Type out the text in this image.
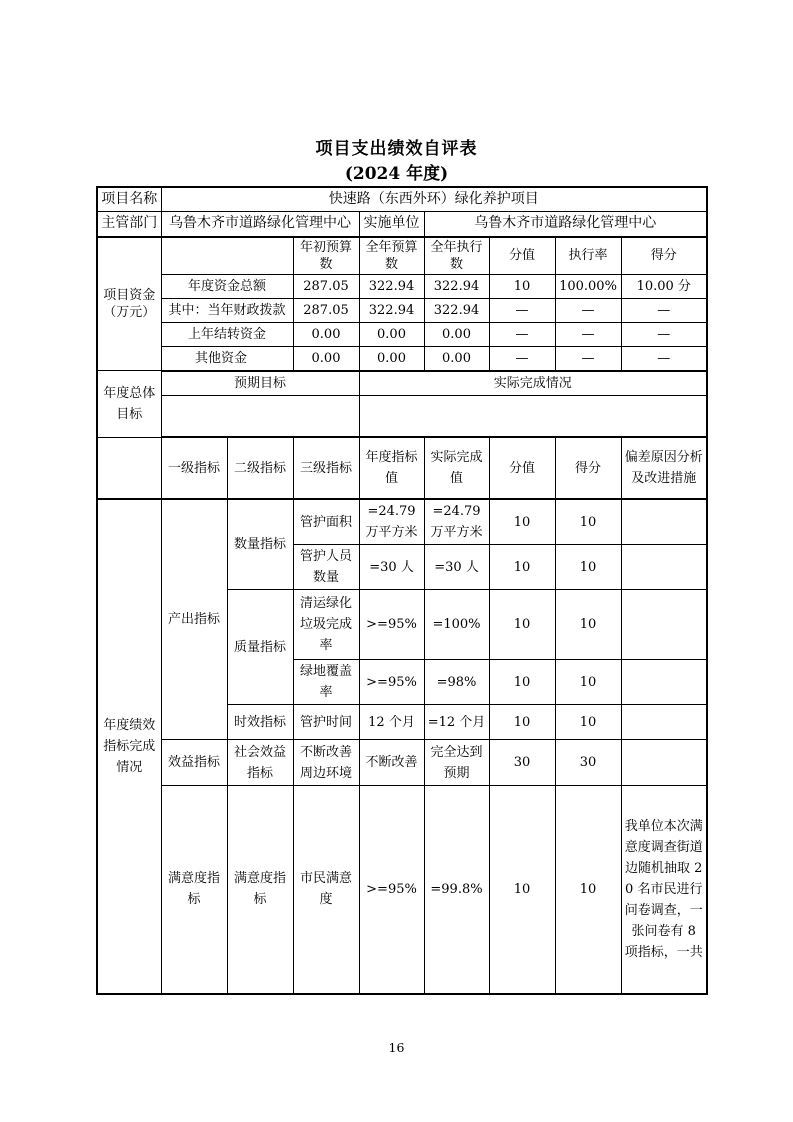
项目支出绩效自评表
(2024 年度)
项目名称	快速路（东西外环）绿化养护项目							
主管部门	乌鲁木齐市道路绿化管理中心			实施单位	乌鲁木齐市道路绿化管理中心			
项目资金（万元）			年初预算数	全年预算数	全年执行数	分值	执行率	得分
	年度资金总额		287.05	322.94	322.94	10	100.00%	10.00 分
	其中：当年财政拨款		287.05	322.94	322.94	—	—	—
	上年结转资金		0.00	0.00	0.00	—	—	—
	其他资金		0.00	0.00	0.00	—	—	—
年度总体目标	预期目标			实际完成情况				

	一级指标	二级指标	三级指标	年度指标值	实际完成值	分值	得分	偏差原因分析及改进措施
年度绩效指标完成情况	产出指标	数量指标	管护面积	=24.79 万平方米	=24.79 万平方米	10	10	
			管护人员数量	=30 人	=30 人	10	10	
		质量指标	清运绿化垃圾完成率	>=95%	=100%	10	10	
			绿地覆盖率	>=95%	=98%	10	10	
		时效指标	管护时间	12 个月	=12 个月	10	10	
	效益指标	社会效益指标	不断改善周边环境	不断改善	完全达到预期	30	30	
	满意度指标	满意度指标	市民满意度	>=95%	=99.8%	10	10	我单位本次满意度调查街道边随机抽取 20 名市民进行问卷调查，一张问卷有 8 项指标，一共
16
